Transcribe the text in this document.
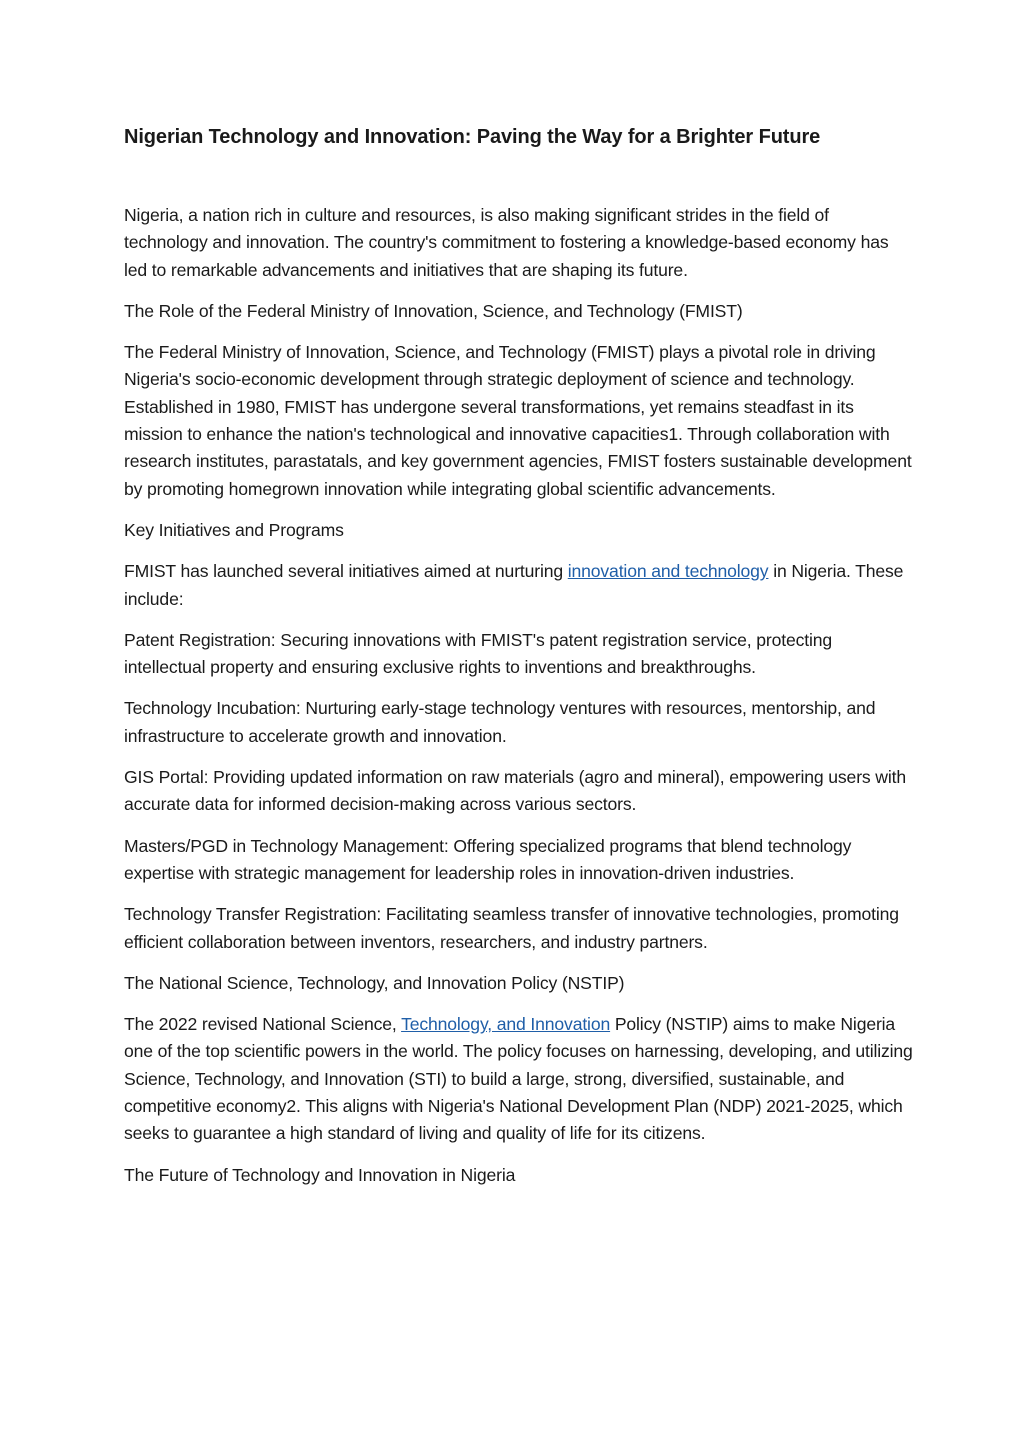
Nigerian Technology and Innovation: Paving the Way for a Brighter Future

Nigeria, a nation rich in culture and resources, is also making significant strides in the field of technology and innovation. The country's commitment to fostering a knowledge-based economy has led to remarkable advancements and initiatives that are shaping its future.

The Role of the Federal Ministry of Innovation, Science, and Technology (FMIST)

The Federal Ministry of Innovation, Science, and Technology (FMIST) plays a pivotal role in driving Nigeria's socio-economic development through strategic deployment of science and technology. Established in 1980, FMIST has undergone several transformations, yet remains steadfast in its mission to enhance the nation's technological and innovative capacities1. Through collaboration with research institutes, parastatals, and key government agencies, FMIST fosters sustainable development by promoting homegrown innovation while integrating global scientific advancements.

Key Initiatives and Programs

FMIST has launched several initiatives aimed at nurturing innovation and technology in Nigeria. These include:

Patent Registration: Securing innovations with FMIST's patent registration service, protecting intellectual property and ensuring exclusive rights to inventions and breakthroughs.

Technology Incubation: Nurturing early-stage technology ventures with resources, mentorship, and infrastructure to accelerate growth and innovation.

GIS Portal: Providing updated information on raw materials (agro and mineral), empowering users with accurate data for informed decision-making across various sectors.

Masters/PGD in Technology Management: Offering specialized programs that blend technology expertise with strategic management for leadership roles in innovation-driven industries.

Technology Transfer Registration: Facilitating seamless transfer of innovative technologies, promoting efficient collaboration between inventors, researchers, and industry partners.

The National Science, Technology, and Innovation Policy (NSTIP)

The 2022 revised National Science, Technology, and Innovation Policy (NSTIP) aims to make Nigeria one of the top scientific powers in the world. The policy focuses on harnessing, developing, and utilizing Science, Technology, and Innovation (STI) to build a large, strong, diversified, sustainable, and competitive economy2. This aligns with Nigeria's National Development Plan (NDP) 2021-2025, which seeks to guarantee a high standard of living and quality of life for its citizens.

The Future of Technology and Innovation in Nigeria
